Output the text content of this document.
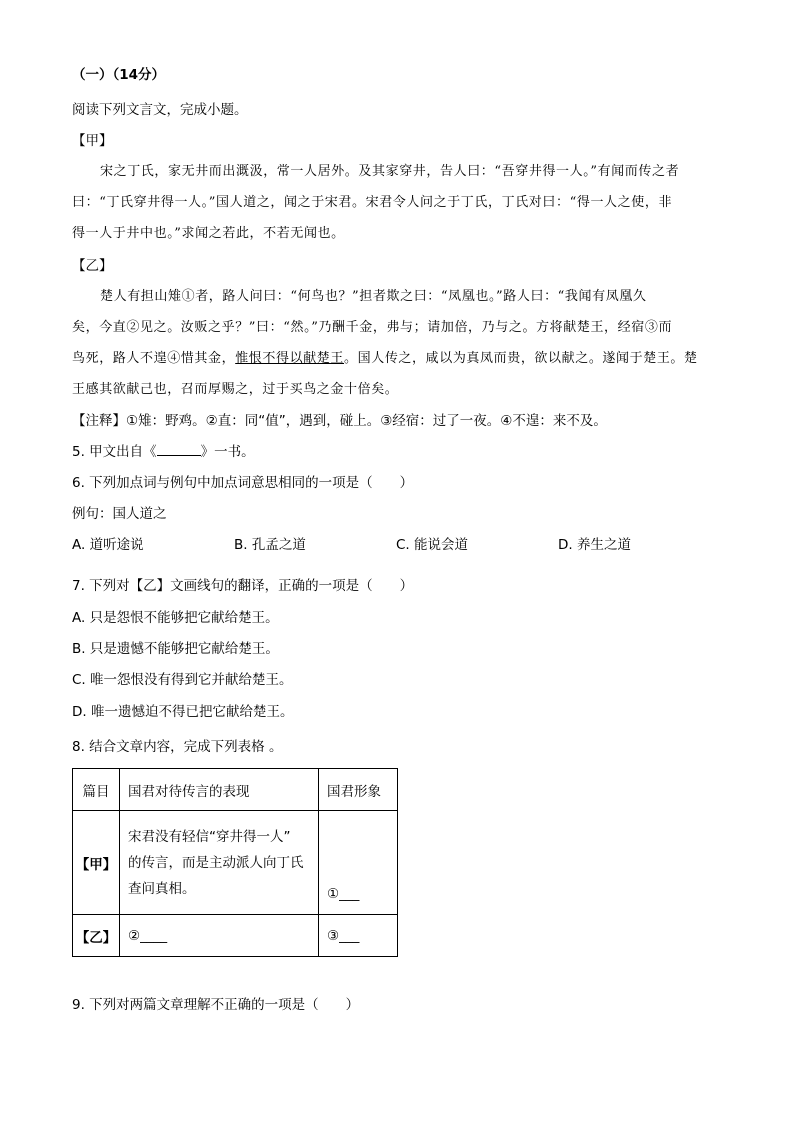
（一）（14分）
阅读下列文言文，完成小题。
【甲】
宋之丁氏，家无井而出溉汲，常一人居外。及其家穿井，告人曰：“吾穿井得一人。”有闻而传之者
曰：“丁氏穿井得一人。”国人道之，闻之于宋君。宋君令人问之于丁氏，丁氏对曰：“得一人之使，非
得一人于井中也。”求闻之若此，不若无闻也。
【乙】
楚人有担山雉①者，路人问曰：“何鸟也？”担者欺之曰：“凤凰也。”路人曰：“我闻有凤凰久
矣，今直②见之。汝贩之乎？”曰：“然。”乃酬千金，弗与；请加倍，乃与之。方将献楚王，经宿③而
鸟死，路人不遑④惜其金，惟恨不得以献楚王。国人传之，咸以为真凤而贵，欲以献之。遂闻于楚王。楚
王感其欲献己也，召而厚赐之，过于买鸟之金十倍矣。
【注释】①雉：野鸡。②直：同“值”，遇到，碰上。③经宿：过了一夜。④不遑：来不及。
5. 甲文出自《	》一书。
6. 下列加点词与例句中加点词意思相同的一项是（　　）
例句：国人道之
A. 道听途说	B. 孔孟之道	C. 能说会道	D. 养生之道
7. 下列对【乙】文画线句的翻译，正确的一项是（　　）
A. 只是怨恨不能够把它献给楚王。
B. 只是遗憾不能够把它献给楚王。
C. 唯一怨恨没有得到它并献给楚王。
D. 唯一遗憾迫不得已把它献给楚王。
8. 结合文章内容，完成下列表格 。
篇目	国君对待传言的表现	国君形象
【甲】	宋君没有轻信“穿井得一人”
的传言，而是主动派人向丁氏
查问真相。	①___
【乙】	②____	③___
9. 下列对两篇文章理解不正确的一项是（　　）
